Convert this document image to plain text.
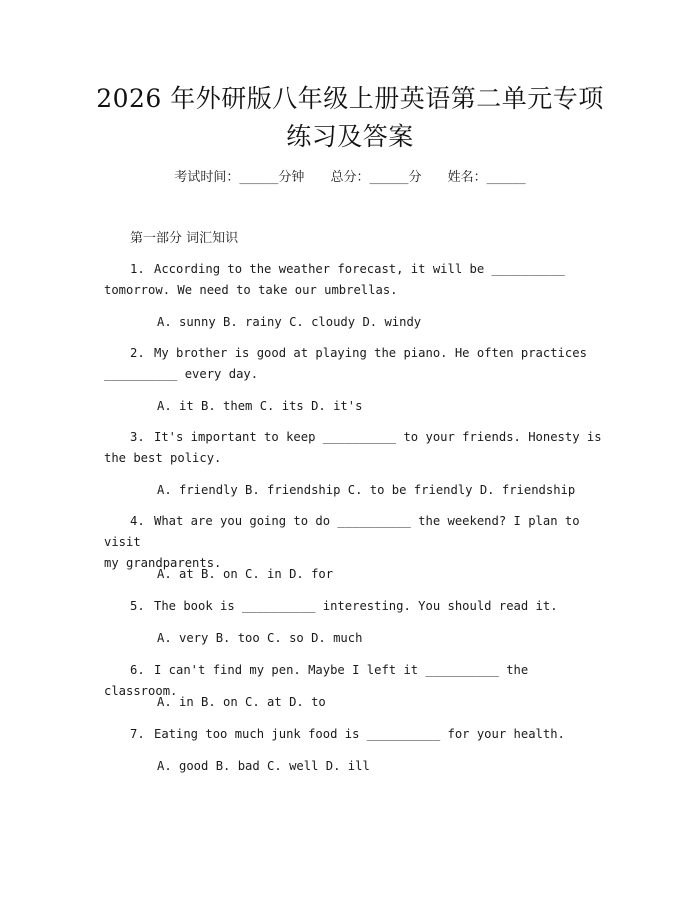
2026 年外研版八年级上册英语第二单元专项
练习及答案
考试时间：______分钟 总分：______分 姓名：______
第一部分 词汇知识
1. According to the weather forecast, it will be __________
tomorrow. We need to take our umbrellas.
A. sunny B. rainy C. cloudy D. windy
2. My brother is good at playing the piano. He often practices
__________ every day.
A. it B. them C. its D. it's
3. It's important to keep __________ to your friends. Honesty is
the best policy.
A. friendly B. friendship C. to be friendly D. friendship
4. What are you going to do __________ the weekend? I plan to visit
my grandparents.
A. at B. on C. in D. for
5. The book is __________ interesting. You should read it.
A. very B. too C. so D. much
6. I can't find my pen. Maybe I left it __________ the classroom.
A. in B. on C. at D. to
7. Eating too much junk food is __________ for your health.
A. good B. bad C. well D. ill
